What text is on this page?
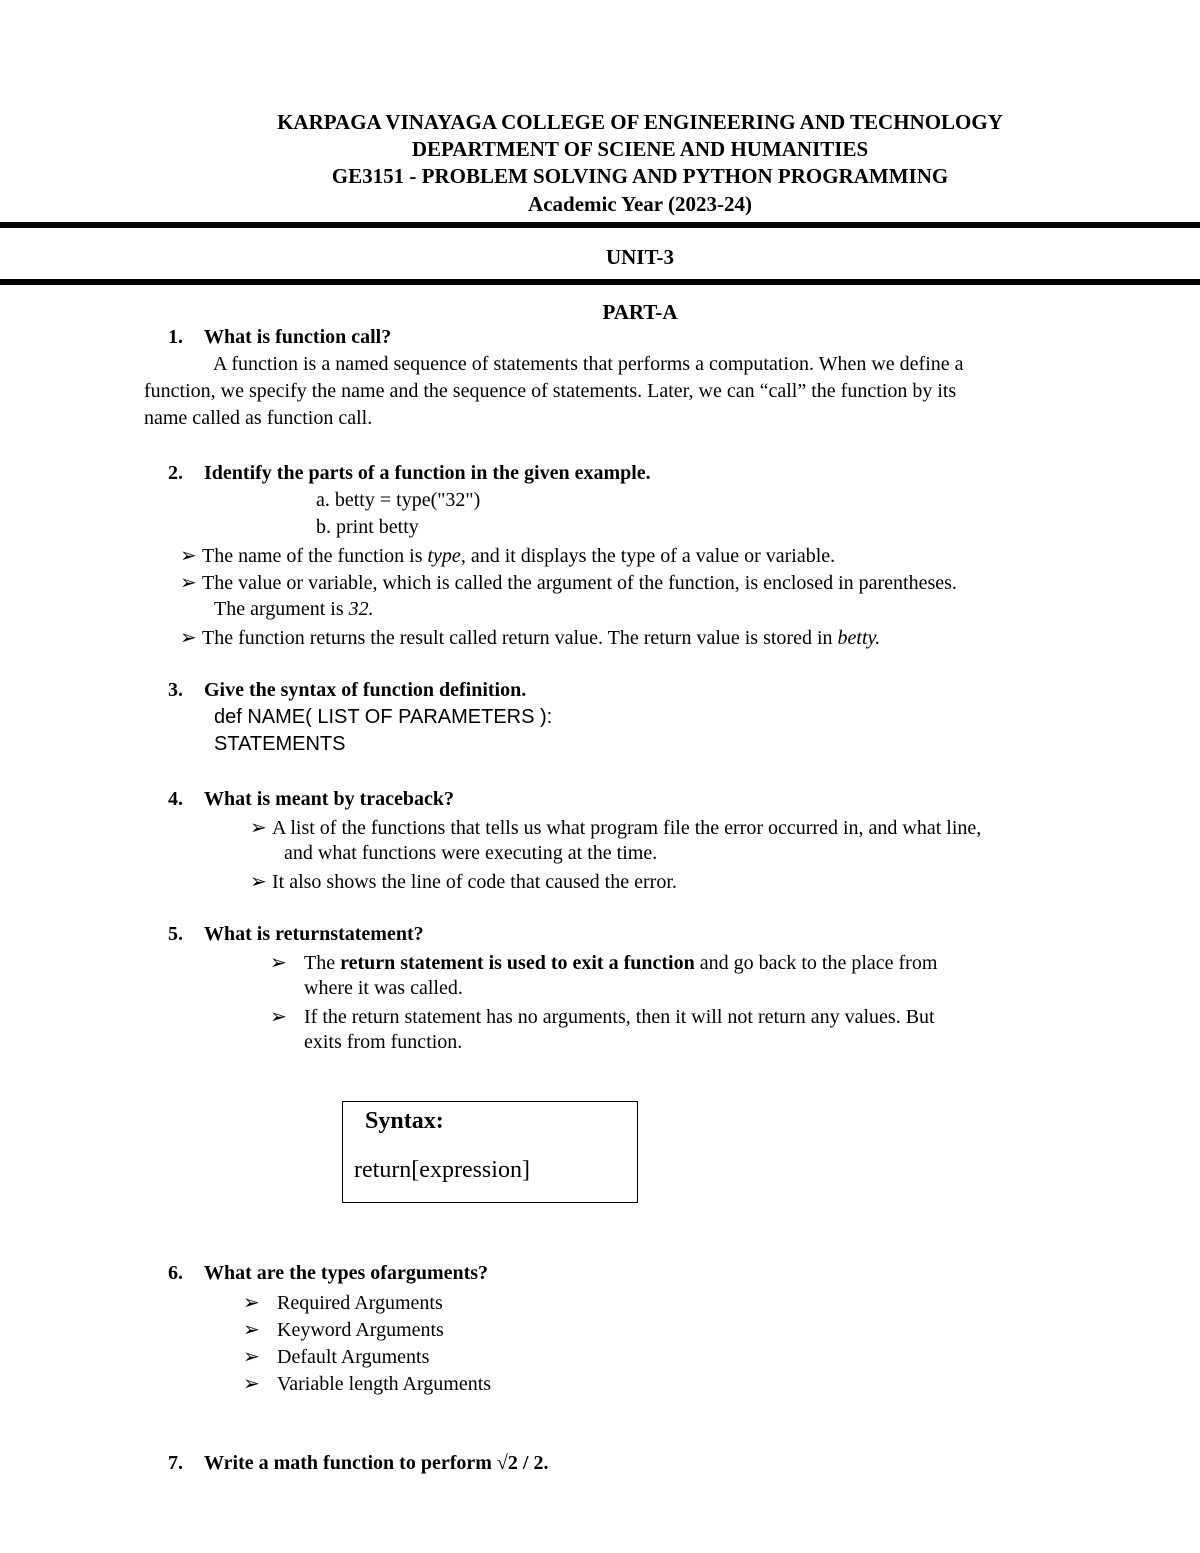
KARPAGA VINAYAGA COLLEGE OF ENGINEERING AND TECHNOLOGY
DEPARTMENT OF SCIENE AND HUMANITIES
GE3151 - PROBLEM SOLVING AND PYTHON PROGRAMMING
Academic Year (2023-24)
UNIT-3
PART-A
1. What is function call?
A function is a named sequence of statements that performs a computation. When we define a
function, we specify the name and the sequence of statements. Later, we can “call” the function by its
name called as function call.
2. Identify the parts of a function in the given example.
a. betty = type("32")
b. print betty
➢ The name of the function is type, and it displays the type of a value or variable.
➢ The value or variable, which is called the argument of the function, is enclosed in parentheses.
The argument is 32.
➢ The function returns the result called return value. The return value is stored in betty.
3. Give the syntax of function definition.
def NAME( LIST OF PARAMETERS ):
STATEMENTS
4. What is meant by traceback?
➢ A list of the functions that tells us what program file the error occurred in, and what line,
and what functions were executing at the time.
➢ It also shows the line of code that caused the error.
5. What is returnstatement?
➢ The return statement is used to exit a function and go back to the place from
where it was called.
➢ If the return statement has no arguments, then it will not return any values. But
exits from function.
Syntax:
return[expression]
6. What are the types ofarguments?
➢ Required Arguments
➢ Keyword Arguments
➢ Default Arguments
➢ Variable length Arguments
7. Write a math function to perform √2 / 2.
